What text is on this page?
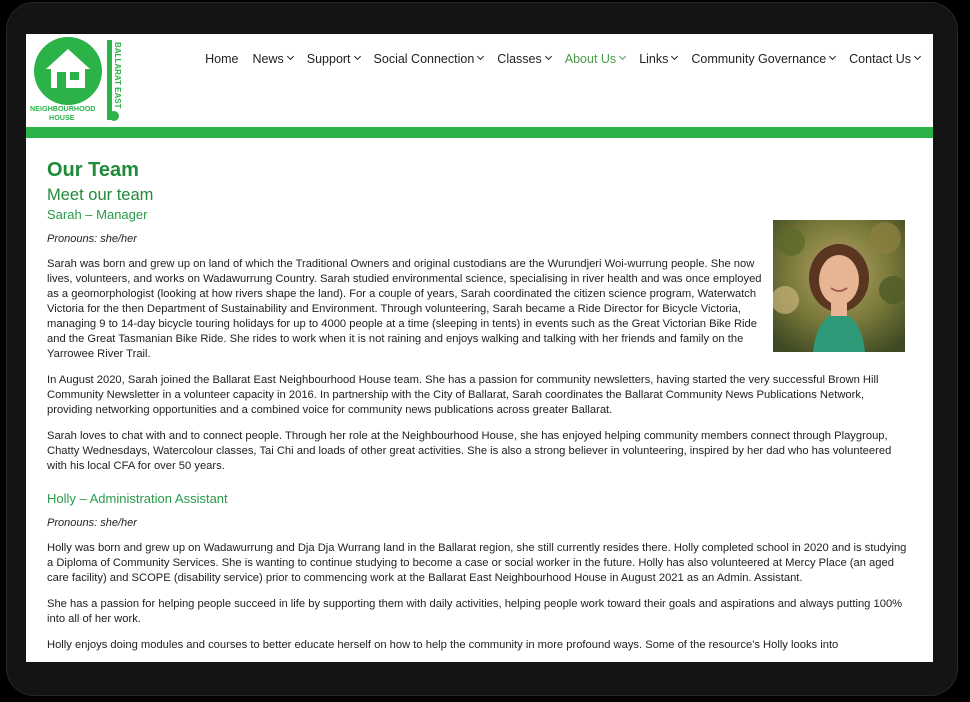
BALLARAT EAST
NEIGHBOURHOOD
HOUSE
Home News Support Social Connection Classes About Us Links Community Governance Contact Us
Our Team
Meet our team
Sarah – Manager
Pronouns: she/her

Sarah was born and grew up on land of which the Traditional Owners and original custodians are the Wurundjeri Woi-wurrung people. She now lives, volunteers, and works on Wadawurrung Country. Sarah studied environmental science, specialising in river health and was once employed as a geomorphologist (looking at how rivers shape the land). For a couple of years, Sarah coordinated the citizen science program, Waterwatch Victoria for the then Department of Sustainability and Environment. Through volunteering, Sarah became a Ride Director for Bicycle Victoria, managing 9 to 14-day bicycle touring holidays for up to 4000 people at a time (sleeping in tents) in events such as the Great Victorian Bike Ride and the Great Tasmanian Bike Ride. She rides to work when it is not raining and enjoys walking and talking with her friends and family on the Yarrowee River Trail.

In August 2020, Sarah joined the Ballarat East Neighbourhood House team. She has a passion for community newsletters, having started the very successful Brown Hill Community Newsletter in a volunteer capacity in 2016. In partnership with the City of Ballarat, Sarah coordinates the Ballarat Community News Publications Network, providing networking opportunities and a combined voice for community news publications across greater Ballarat.

Sarah loves to chat with and to connect people. Through her role at the Neighbourhood House, she has enjoyed helping community members connect through Playgroup, Chatty Wednesdays, Watercolour classes, Tai Chi and loads of other great activities. She is also a strong believer in volunteering, inspired by her dad who has volunteered with his local CFA for over 50 years.

Holly – Administration Assistant
Pronouns: she/her

Holly was born and grew up on Wadawurrung and Dja Dja Wurrang land in the Ballarat region, she still currently resides there. Holly completed school in 2020 and is studying a Diploma of Community Services. She is wanting to continue studying to become a case or social worker in the future. Holly has also volunteered at Mercy Place (an aged care facility) and SCOPE (disability service) prior to commencing work at the Ballarat East Neighbourhood House in August 2021 as an Admin. Assistant.

She has a passion for helping people succeed in life by supporting them with daily activities, helping people work toward their goals and aspirations and always putting 100% into all of her work.

Holly enjoys doing modules and courses to better educate herself on how to help the community in more profound ways. Some of the resource's Holly looks into
